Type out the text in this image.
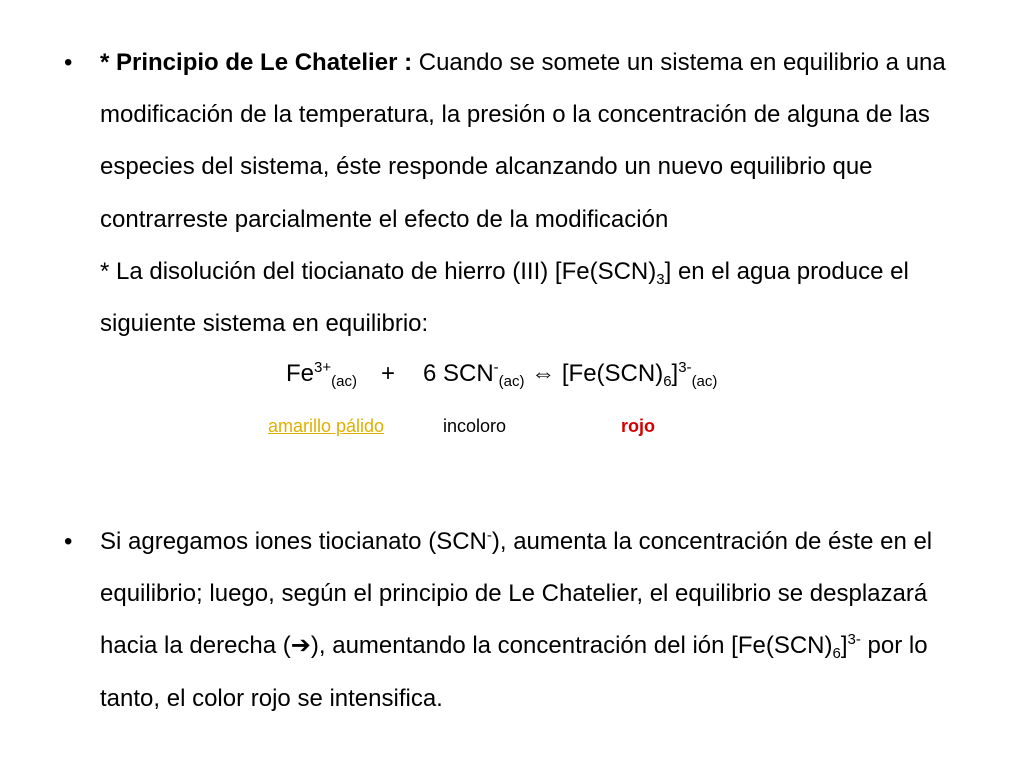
• * Principio de Le Chatelier : Cuando se somete un sistema en equilibrio a una modificación de la temperatura, la presión o la concentración de alguna de las especies del sistema, éste responde alcanzando un nuevo equilibrio que contrarreste parcialmente el efecto de la modificación
* La disolución del tiocianato de hierro (III) $[Fe(SCN)_3]$ en el agua produce el siguiente sistema en equilibrio:
$Fe^{3+}_{(ac)} + 6$ $SCN^-_{(ac)}$ ⇔ $[Fe(SCN)_6]^{3-}_{(ac)}$
amarillo pálido	incoloro	rojo
• Si agregamos iones tiocianato (SCN-), aumenta la concentración de éste en el equilibrio; luego, según el principio de Le Chatelier, el equilibrio se desplazará hacia la derecha (➔), aumentando la concentración del ión $[Fe(SCN)_6]^{3-}$ por lo tanto, el color rojo se intensifica.
